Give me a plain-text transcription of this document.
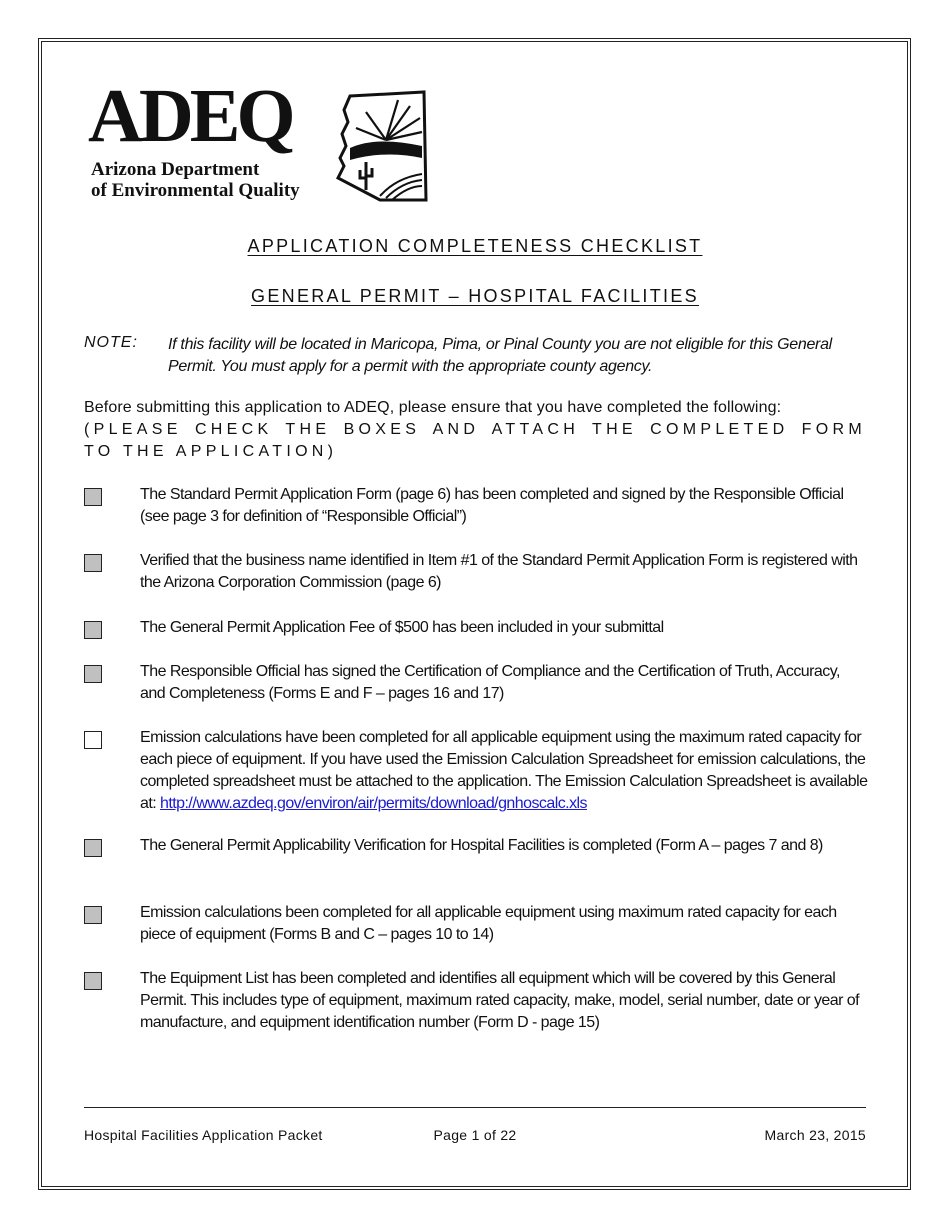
ADEQ
Arizona Department
of Environmental Quality
APPLICATION COMPLETENESS CHECKLIST
GENERAL PERMIT – HOSPITAL FACILITIES
NOTE: If this facility will be located in Maricopa, Pima, or Pinal County you are not eligible for this General Permit. You must apply for a permit with the appropriate county agency.
Before submitting this application to ADEQ, please ensure that you have completed the following:
(PLEASE CHECK THE BOXES AND ATTACH THE COMPLETED FORM TO THE APPLICATION)
The Standard Permit Application Form (page 6) has been completed and signed by the Responsible Official (see page 3 for definition of “Responsible Official”)
Verified that the business name identified in Item #1 of the Standard Permit Application Form is registered with the Arizona Corporation Commission (page 6)
The General Permit Application Fee of $500 has been included in your submittal
The Responsible Official has signed the Certification of Compliance and the Certification of Truth, Accuracy, and Completeness (Forms E and F – pages 16 and 17)
Emission calculations have been completed for all applicable equipment using the maximum rated capacity for each piece of equipment. If you have used the Emission Calculation Spreadsheet for emission calculations, the completed spreadsheet must be attached to the application. The Emission Calculation Spreadsheet is available at: http://www.azdeq.gov/environ/air/permits/download/gnhoscalc.xls
The General Permit Applicability Verification for Hospital Facilities is completed (Form A – pages 7 and 8)
Emission calculations been completed for all applicable equipment using maximum rated capacity for each piece of equipment (Forms B and C – pages 10 to 14)
The Equipment List has been completed and identifies all equipment which will be covered by this General Permit. This includes type of equipment, maximum rated capacity, make, model, serial number, date or year of manufacture, and equipment identification number (Form D - page 15)
Hospital Facilities Application Packet	Page 1 of 22	March 23, 2015
